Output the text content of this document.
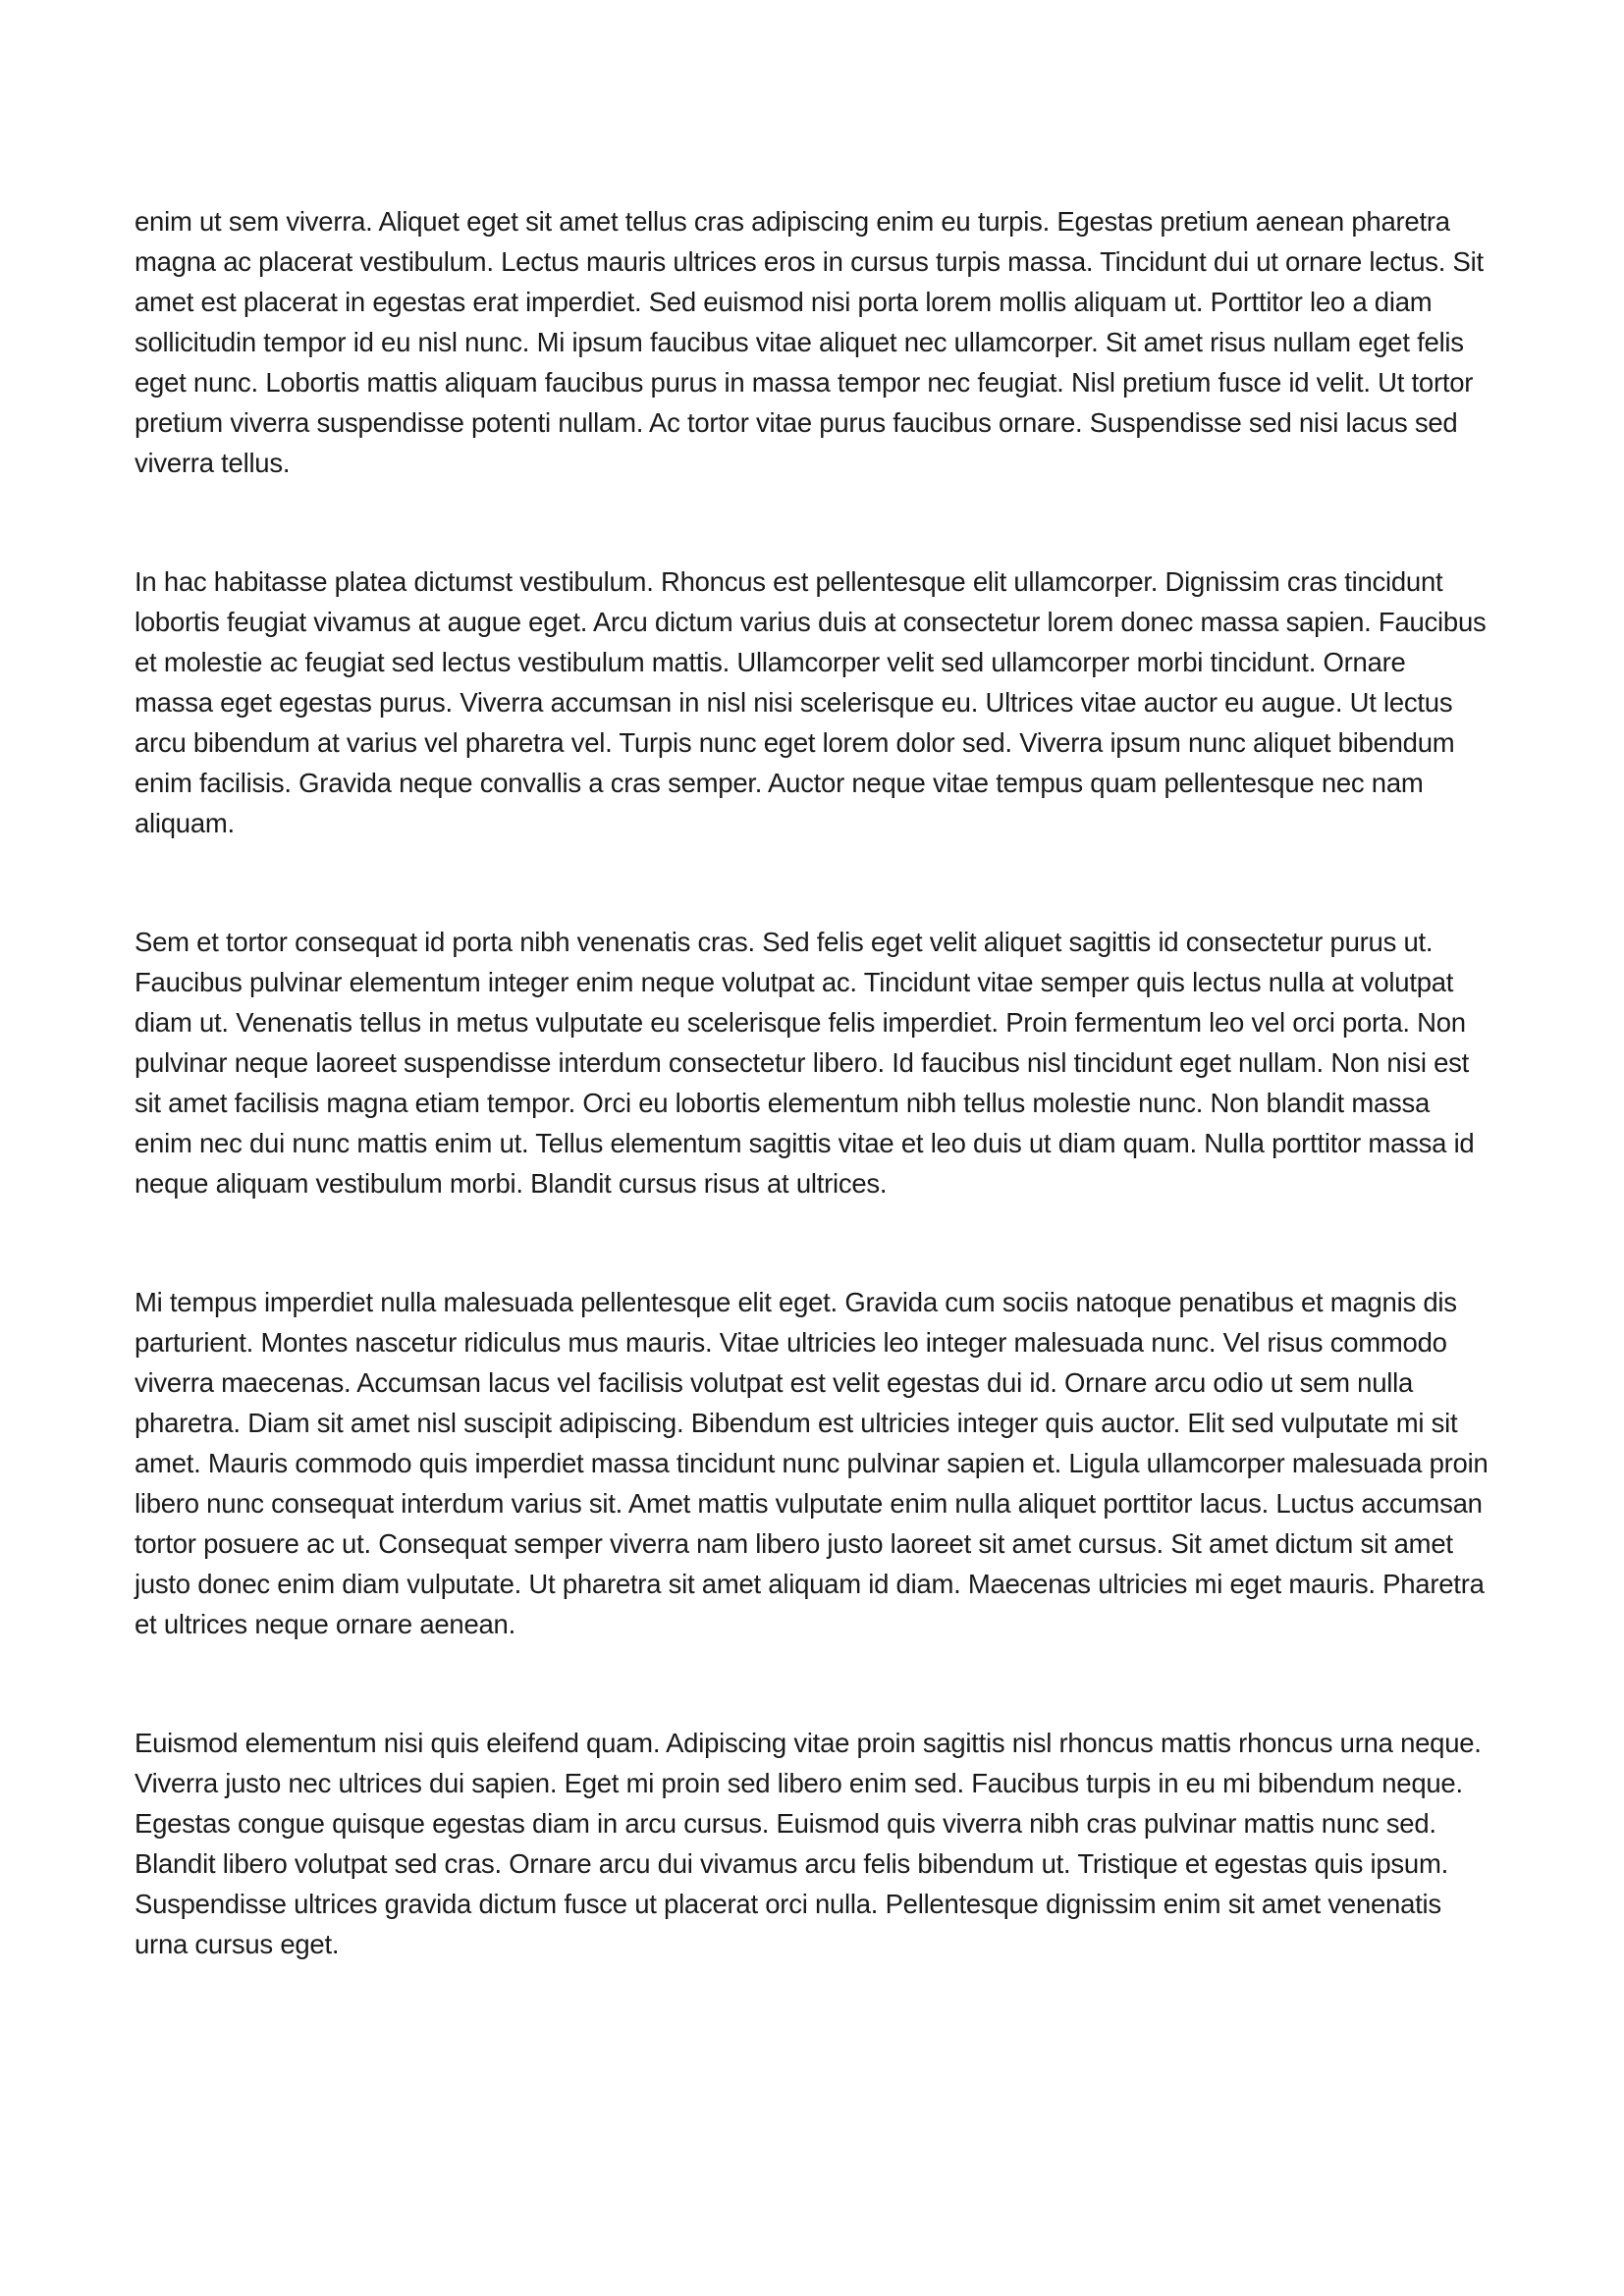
enim ut sem viverra. Aliquet eget sit amet tellus cras adipiscing enim eu turpis. Egestas pretium aenean pharetra magna ac placerat vestibulum. Lectus mauris ultrices eros in cursus turpis massa. Tincidunt dui ut ornare lectus. Sit amet est placerat in egestas erat imperdiet. Sed euismod nisi porta lorem mollis aliquam ut. Porttitor leo a diam sollicitudin tempor id eu nisl nunc. Mi ipsum faucibus vitae aliquet nec ullamcorper. Sit amet risus nullam eget felis eget nunc. Lobortis mattis aliquam faucibus purus in massa tempor nec feugiat. Nisl pretium fusce id velit. Ut tortor pretium viverra suspendisse potenti nullam. Ac tortor vitae purus faucibus ornare. Suspendisse sed nisi lacus sed viverra tellus.

In hac habitasse platea dictumst vestibulum. Rhoncus est pellentesque elit ullamcorper. Dignissim cras tincidunt lobortis feugiat vivamus at augue eget. Arcu dictum varius duis at consectetur lorem donec massa sapien. Faucibus et molestie ac feugiat sed lectus vestibulum mattis. Ullamcorper velit sed ullamcorper morbi tincidunt. Ornare massa eget egestas purus. Viverra accumsan in nisl nisi scelerisque eu. Ultrices vitae auctor eu augue. Ut lectus arcu bibendum at varius vel pharetra vel. Turpis nunc eget lorem dolor sed. Viverra ipsum nunc aliquet bibendum enim facilisis. Gravida neque convallis a cras semper. Auctor neque vitae tempus quam pellentesque nec nam aliquam.

Sem et tortor consequat id porta nibh venenatis cras. Sed felis eget velit aliquet sagittis id consectetur purus ut. Faucibus pulvinar elementum integer enim neque volutpat ac. Tincidunt vitae semper quis lectus nulla at volutpat diam ut. Venenatis tellus in metus vulputate eu scelerisque felis imperdiet. Proin fermentum leo vel orci porta. Non pulvinar neque laoreet suspendisse interdum consectetur libero. Id faucibus nisl tincidunt eget nullam. Non nisi est sit amet facilisis magna etiam tempor. Orci eu lobortis elementum nibh tellus molestie nunc. Non blandit massa enim nec dui nunc mattis enim ut. Tellus elementum sagittis vitae et leo duis ut diam quam. Nulla porttitor massa id neque aliquam vestibulum morbi. Blandit cursus risus at ultrices.

Mi tempus imperdiet nulla malesuada pellentesque elit eget. Gravida cum sociis natoque penatibus et magnis dis parturient. Montes nascetur ridiculus mus mauris. Vitae ultricies leo integer malesuada nunc. Vel risus commodo viverra maecenas. Accumsan lacus vel facilisis volutpat est velit egestas dui id. Ornare arcu odio ut sem nulla pharetra. Diam sit amet nisl suscipit adipiscing. Bibendum est ultricies integer quis auctor. Elit sed vulputate mi sit amet. Mauris commodo quis imperdiet massa tincidunt nunc pulvinar sapien et. Ligula ullamcorper malesuada proin libero nunc consequat interdum varius sit. Amet mattis vulputate enim nulla aliquet porttitor lacus. Luctus accumsan tortor posuere ac ut. Consequat semper viverra nam libero justo laoreet sit amet cursus. Sit amet dictum sit amet justo donec enim diam vulputate. Ut pharetra sit amet aliquam id diam. Maecenas ultricies mi eget mauris. Pharetra et ultrices neque ornare aenean.

Euismod elementum nisi quis eleifend quam. Adipiscing vitae proin sagittis nisl rhoncus mattis rhoncus urna neque. Viverra justo nec ultrices dui sapien. Eget mi proin sed libero enim sed. Faucibus turpis in eu mi bibendum neque. Egestas congue quisque egestas diam in arcu cursus. Euismod quis viverra nibh cras pulvinar mattis nunc sed. Blandit libero volutpat sed cras. Ornare arcu dui vivamus arcu felis bibendum ut. Tristique et egestas quis ipsum. Suspendisse ultrices gravida dictum fusce ut placerat orci nulla. Pellentesque dignissim enim sit amet venenatis urna cursus eget.
